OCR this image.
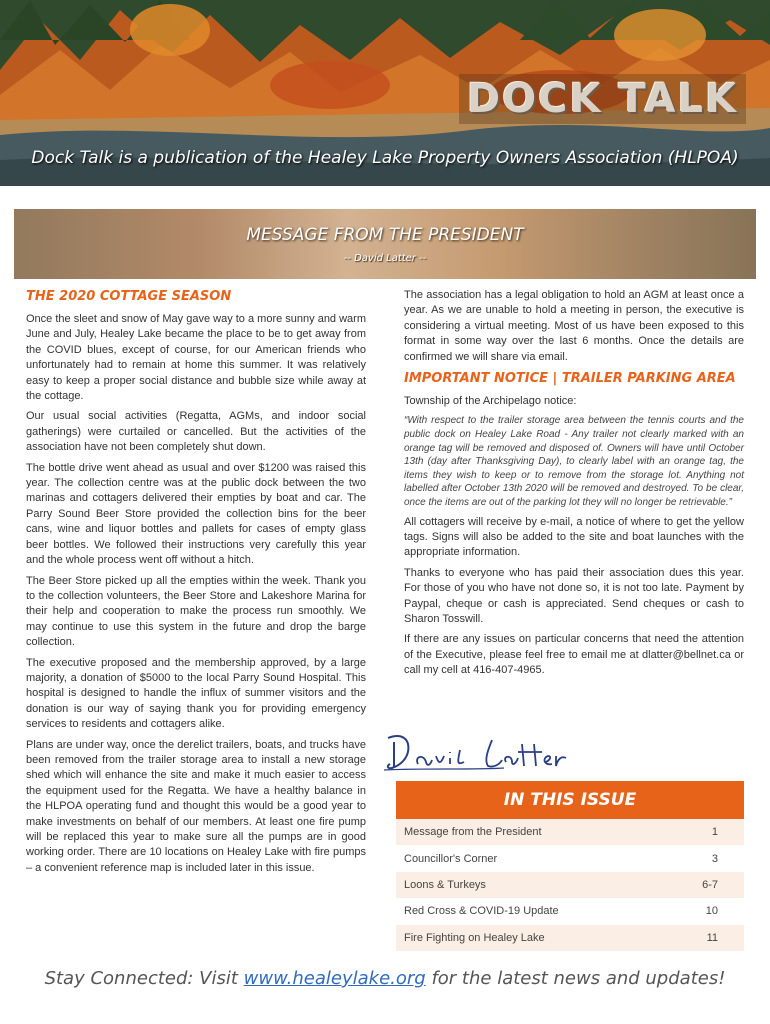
DOCK TALK
Dock Talk is a publication of the Healey Lake Property Owners Association (HLPOA)
MESSAGE FROM THE PRESIDENT
-- David Latter --
THE 2020 COTTAGE SEASON

Once the sleet and snow of May gave way to a more sunny and warm June and July, Healey Lake became the place to be to get away from the COVID blues, except of course, for our American friends who unfortunately had to remain at home this summer. It was relatively easy to keep a proper social distance and bubble size while away at the cottage.

Our usual social activities (Regatta, AGMs, and indoor social gatherings) were curtailed or cancelled. But the activities of the association have not been completely shut down.

The bottle drive went ahead as usual and over $1200 was raised this year. The collection centre was at the public dock between the two marinas and cottagers delivered their empties by boat and car. The Parry Sound Beer Store provided the collection bins for the beer cans, wine and liquor bottles and pallets for cases of empty glass beer bottles. We followed their instructions very carefully this year and the whole process went off without a hitch.

The Beer Store picked up all the empties within the week. Thank you to the collection volunteers, the Beer Store and Lakeshore Marina for their help and cooperation to make the process run smoothly. We may continue to use this system in the future and drop the barge collection.

The executive proposed and the membership approved, by a large majority, a donation of $5000 to the local Parry Sound Hospital. This hospital is designed to handle the influx of summer visitors and the donation is our way of saying thank you for providing emergency services to residents and cottagers alike.

Plans are under way, once the derelict trailers, boats, and trucks have been removed from the trailer storage area to install a new storage shed which will enhance the site and make it much easier to access the equipment used for the Regatta. We have a healthy balance in the HLPOA operating fund and thought this would be a good year to make investments on behalf of our members. At least one fire pump will be replaced this year to make sure all the pumps are in good working order. There are 10 locations on Healey Lake with fire pumps – a convenient reference map is included later in this issue.

The association has a legal obligation to hold an AGM at least once a year. As we are unable to hold a meeting in person, the executive is considering a virtual meeting. Most of us have been exposed to this format in some way over the last 6 months. Once the details are confirmed we will share via email.

IMPORTANT NOTICE | TRAILER PARKING AREA

Township of the Archipelago notice:

“With respect to the trailer storage area between the tennis courts and the public dock on Healey Lake Road - Any trailer not clearly marked with an orange tag will be removed and disposed of. Owners will have until October 13th (day after Thanksgiving Day), to clearly label with an orange tag, the items they wish to keep or to remove from the storage lot. Anything not labelled after October 13th 2020 will be removed and destroyed. To be clear, once the items are out of the parking lot they will no longer be retrievable.”

All cottagers will receive by e-mail, a notice of where to get the yellow tags. Signs will also be added to the site and boat launches with the appropriate information.

Thanks to everyone who has paid their association dues this year. For those of you who have not done so, it is not too late. Payment by Paypal, cheque or cash is appreciated. Send cheques or cash to Sharon Tosswill.

If there are any issues on particular concerns that need the attention of the Executive, please feel free to email me at dlatter@bellnet.ca or call my cell at 416-407-4965.

IN THIS ISSUE
Message from the President	1
Councillor's Corner	3
Loons & Turkeys	6-7
Red Cross & COVID-19 Update	10
Fire Fighting on Healey Lake	11
Stay Connected: Visit www.healeylake.org for the latest news and updates!
